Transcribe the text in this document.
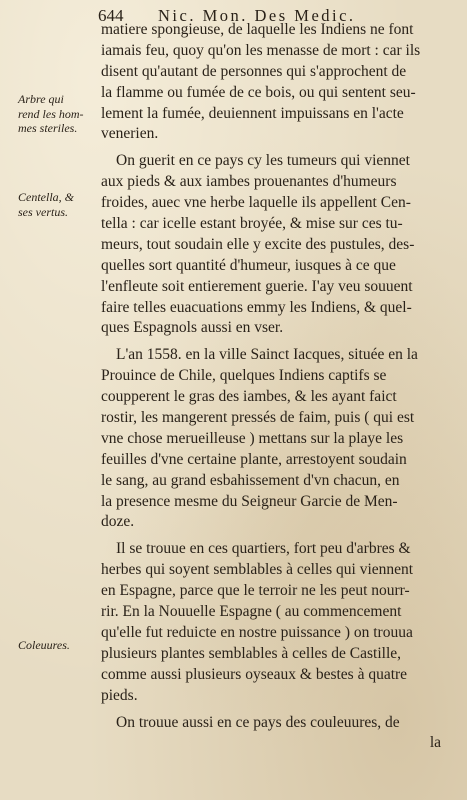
644 Nic. Mon. Des Medic.
Arbre qui
rend les hom-
mes steriles.
Centella, &
ses vertus.
Coleuures.
matiere spongieuse, de laquelle les Indiens ne font
iamais feu, quoy qu'on les menasse de mort : car ils
disent qu'autant de personnes qui s'approchent de
la flamme ou fumée de ce bois, ou qui sentent seu-
lement la fumée, deuiennent impuissans en l'acte
venerien.
On guerit en ce pays cy les tumeurs qui viennet
aux pieds & aux iambes prouenantes d'humeurs
froides, auec vne herbe laquelle ils appellent Cen-
tella : car icelle estant broyée, & mise sur ces tu-
meurs, tout soudain elle y excite des pustules, des-
quelles sort quantité d'humeur, iusques à ce que
l'enfleute soit entierement guerie. I'ay veu souuent
faire telles euacuations emmy les Indiens, & quel-
ques Espagnols aussi en vser.
L'an 1558. en la ville Sainct Iacques, située en la
Prouince de Chile, quelques Indiens captifs se
coupperent le gras des iambes, & les ayant faict
rostir, les mangerent pressés de faim, puis ( qui est
vne chose merueilleuse ) mettans sur la playe les
feuilles d'vne certaine plante, arrestoyent soudain
le sang, au grand esbahissement d'vn chacun, en
la presence mesme du Seigneur Garcie de Men-
doze.
Il se trouue en ces quartiers, fort peu d'arbres &
herbes qui soyent semblables à celles qui viennent
en Espagne, parce que le terroir ne les peut nourr-
rir. En la Nouuelle Espagne ( au commencement
qu'elle fut reduicte en nostre puissance ) on trouua
plusieurs plantes semblables à celles de Castille,
comme aussi plusieurs oyseaux & bestes à quatre
pieds.
On trouue aussi en ce pays des couleuures, de
la
